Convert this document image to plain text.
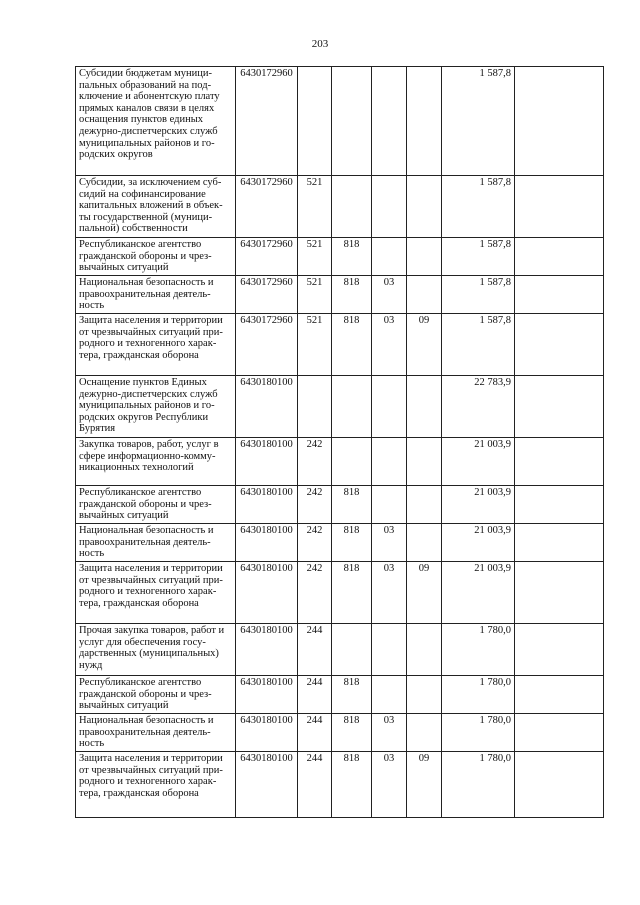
203
Субсидии бюджетам муници-пальных образований на под-ключение и абонентскую плату прямых каналов связи в целях оснащения пунктов единых дежурно-диспетчерских служб муниципальных районов и го-родских округов	6430172960					1 587,8	
Субсидии, за исключением суб-сидий на софинансирование капитальных вложений в объек-ты государственной (муници-пальной) собственности	6430172960	521				1 587,8	
Республиканское агентство гражданской обороны и чрез-вычайных ситуаций	6430172960	521	818			1 587,8	
Национальная безопасность и правоохранительная деятель-ность	6430172960	521	818	03		1 587,8	
Защита населения и территории от чрезвычайных ситуаций при-родного и техногенного харак-тера, гражданская оборона	6430172960	521	818	03	09	1 587,8	
Оснащение пунктов Единых дежурно-диспетчерских служб муниципальных районов и го-родских округов Республики Бурятия	6430180100					22 783,9	
Закупка товаров, работ, услуг в сфере информационно-комму-никационных технологий	6430180100	242				21 003,9	
Республиканское агентство гражданской обороны и чрез-вычайных ситуаций	6430180100	242	818			21 003,9	
Национальная безопасность и правоохранительная деятель-ность	6430180100	242	818	03		21 003,9	
Защита населения и территории от чрезвычайных ситуаций при-родного и техногенного харак-тера, гражданская оборона	6430180100	242	818	03	09	21 003,9	
Прочая закупка товаров, работ и услуг для обеспечения госу-дарственных (муниципальных) нужд	6430180100	244				1 780,0	
Республиканское агентство гражданской обороны и чрез-вычайных ситуаций	6430180100	244	818			1 780,0	
Национальная безопасность и правоохранительная деятель-ность	6430180100	244	818	03		1 780,0	
Защита населения и территории от чрезвычайных ситуаций при-родного и техногенного харак-тера, гражданская оборона	6430180100	244	818	03	09	1 780,0	
